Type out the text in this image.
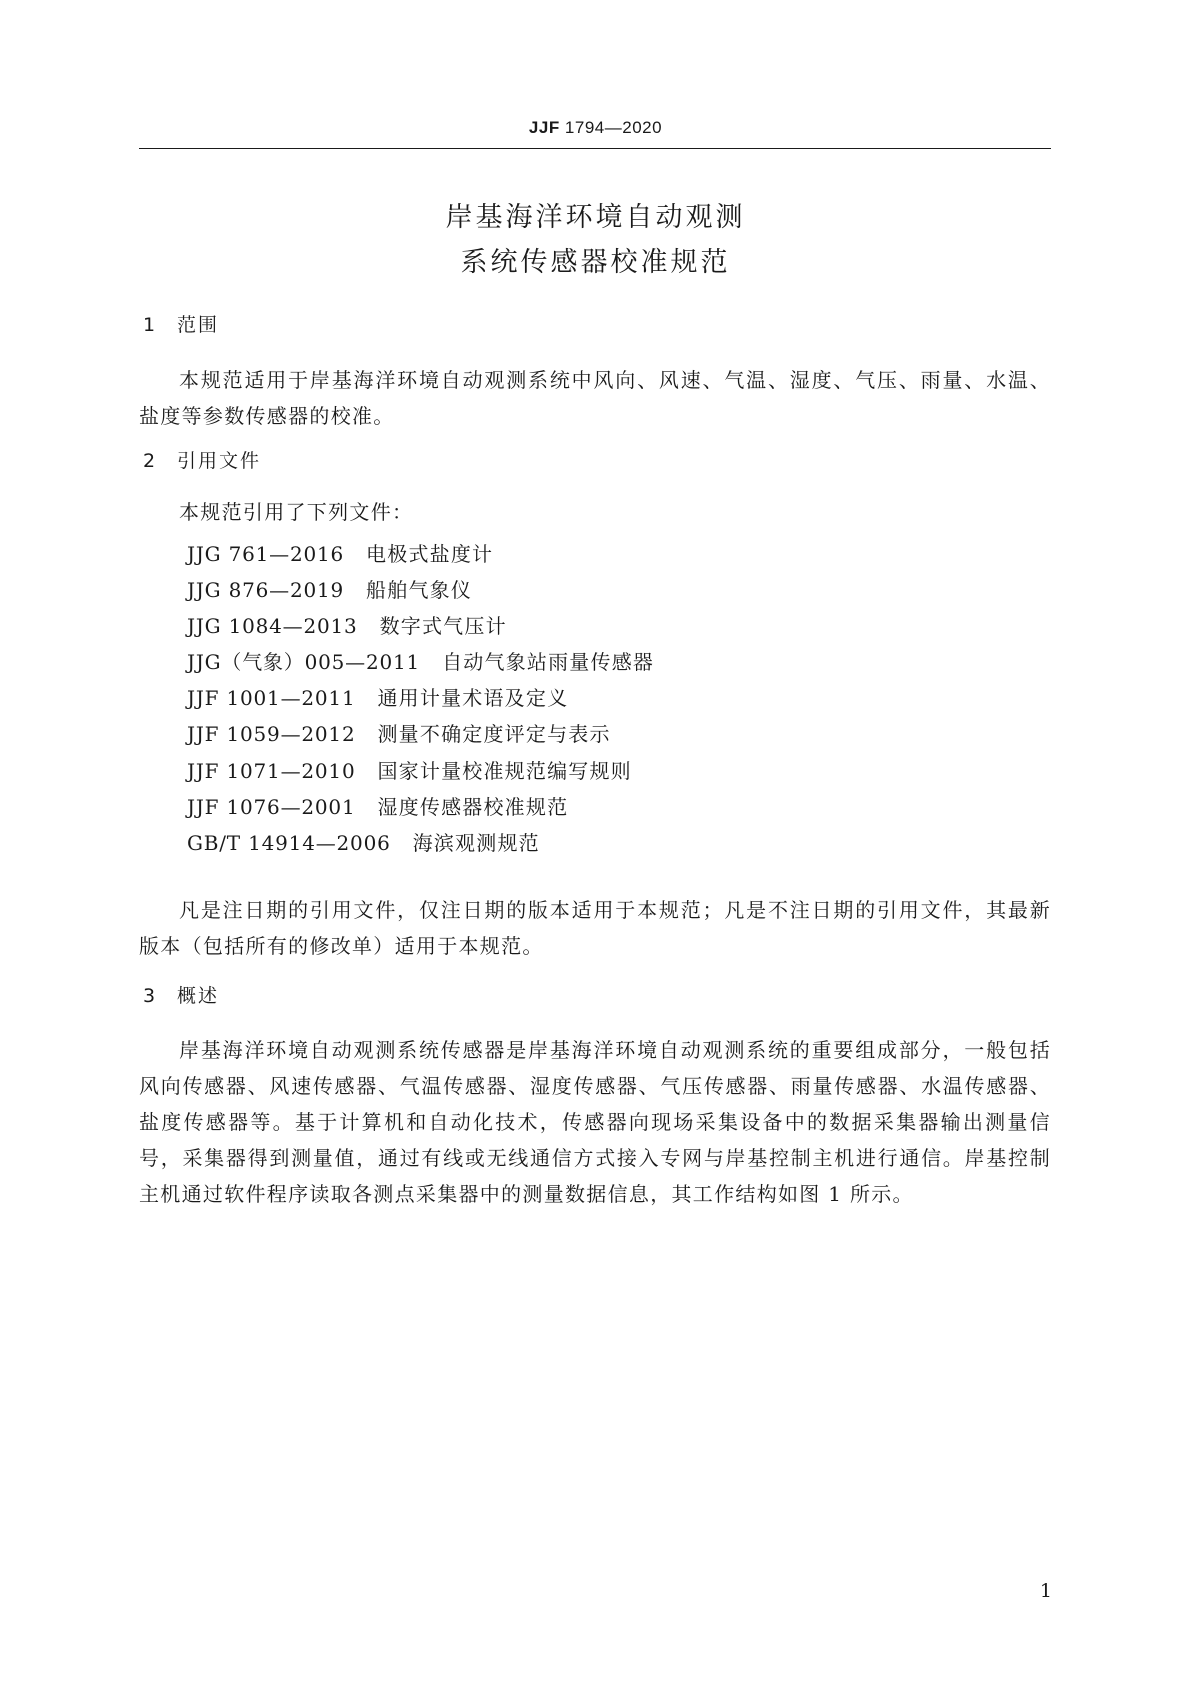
JJF 1794—2020
岸基海洋环境自动观测
系统传感器校准规范
1 范围
本规范适用于岸基海洋环境自动观测系统中风向、风速、气温、湿度、气压、雨量、水温、盐度等参数传感器的校准。
2 引用文件
本规范引用了下列文件：
JJG 761—2016 电极式盐度计
JJG 876—2019 船舶气象仪
JJG 1084—2013 数字式气压计
JJG（气象）005—2011 自动气象站雨量传感器
JJF 1001—2011 通用计量术语及定义
JJF 1059—2012 测量不确定度评定与表示
JJF 1071—2010 国家计量校准规范编写规则
JJF 1076—2001 湿度传感器校准规范
GB/T 14914—2006 海滨观测规范
凡是注日期的引用文件，仅注日期的版本适用于本规范；凡是不注日期的引用文件，其最新版本（包括所有的修改单）适用于本规范。
3 概述
岸基海洋环境自动观测系统传感器是岸基海洋环境自动观测系统的重要组成部分，一般包括风向传感器、风速传感器、气温传感器、湿度传感器、气压传感器、雨量传感器、水温传感器、盐度传感器等。基于计算机和自动化技术，传感器向现场采集设备中的数据采集器输出测量信号，采集器得到测量值，通过有线或无线通信方式接入专网与岸基控制主机进行通信。岸基控制主机通过软件程序读取各测点采集器中的测量数据信息，其工作结构如图 1 所示。
1
